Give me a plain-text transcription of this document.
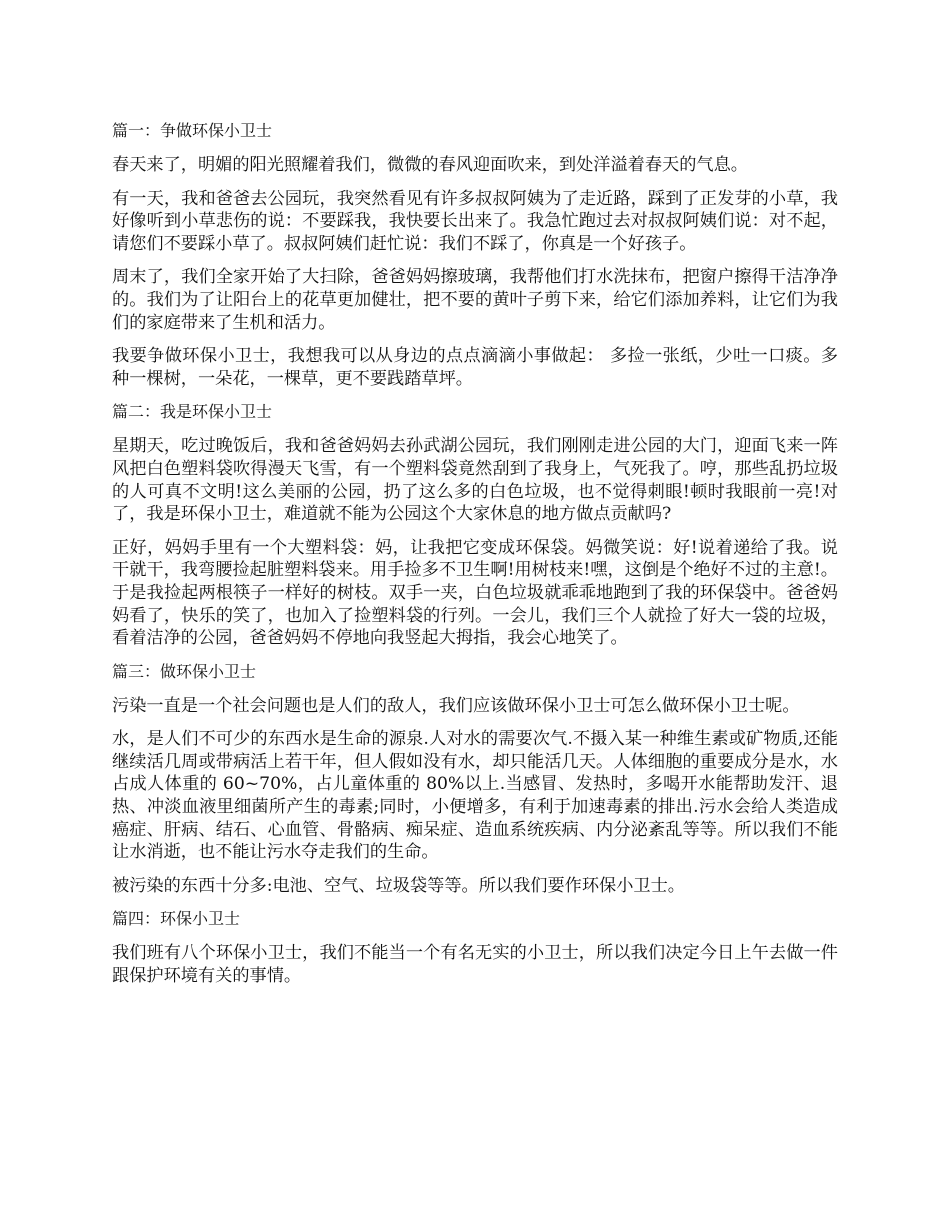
篇一：争做环保小卫士

春天来了，明媚的阳光照耀着我们，微微的春风迎面吹来，到处洋溢着春天的气息。

有一天，我和爸爸去公园玩，我突然看见有许多叔叔阿姨为了走近路，踩到了正发芽的小草，我好像听到小草悲伤的说：不要踩我，我快要长出来了。我急忙跑过去对叔叔阿姨们说：对不起，请您们不要踩小草了。叔叔阿姨们赶忙说：我们不踩了，你真是一个好孩子。

周末了，我们全家开始了大扫除，爸爸妈妈擦玻璃，我帮他们打水洗抹布，把窗户擦得干洁净净的。我们为了让阳台上的花草更加健壮，把不要的黄叶子剪下来，给它们添加养料，让它们为我们的家庭带来了生机和活力。

我要争做环保小卫士，我想我可以从身边的点点滴滴小事做起： 多捡一张纸，少吐一口痰。多种一棵树，一朵花，一棵草，更不要践踏草坪。

篇二：我是环保小卫士

星期天，吃过晚饭后，我和爸爸妈妈去孙武湖公园玩，我们刚刚走进公园的大门，迎面飞来一阵风把白色塑料袋吹得漫天飞雪，有一个塑料袋竟然刮到了我身上，气死我了。哼，那些乱扔垃圾的人可真不文明!这么美丽的公园，扔了这么多的白色垃圾，也不觉得刺眼!顿时我眼前一亮!对了，我是环保小卫士，难道就不能为公园这个大家休息的地方做点贡献吗?

正好，妈妈手里有一个大塑料袋：妈，让我把它变成环保袋。妈微笑说：好!说着递给了我。说干就干，我弯腰捡起脏塑料袋来。用手捡多不卫生啊!用树枝来!嘿，这倒是个绝好不过的主意!。于是我捡起两根筷子一样好的树枝。双手一夹，白色垃圾就乖乖地跑到了我的环保袋中。爸爸妈妈看了，快乐的笑了，也加入了捡塑料袋的行列。一会儿，我们三个人就捡了好大一袋的垃圾，看着洁净的公园，爸爸妈妈不停地向我竖起大拇指，我会心地笑了。

篇三：做环保小卫士

污染一直是一个社会问题也是人们的敌人，我们应该做环保小卫士可怎么做环保小卫士呢。

水，是人们不可少的东西水是生命的源泉.人对水的需要次气.不摄入某一种维生素或矿物质,还能继续活几周或带病活上若干年，但人假如没有水，却只能活几天。人体细胞的重要成分是水，水占成人体重的 60~70%，占儿童体重的 80%以上.当感冒、发热时，多喝开水能帮助发汗、退热、冲淡血液里细菌所产生的毒素;同时，小便增多，有利于加速毒素的排出.污水会给人类造成癌症、肝病、结石、心血管、骨骼病、痴呆症、造血系统疾病、内分泌紊乱等等。所以我们不能让水消逝，也不能让污水夺走我们的生命。

被污染的东西十分多:电池、空气、垃圾袋等等。所以我们要作环保小卫士。

篇四：环保小卫士

我们班有八个环保小卫士，我们不能当一个有名无实的小卫士，所以我们决定今日上午去做一件跟保护环境有关的事情。
